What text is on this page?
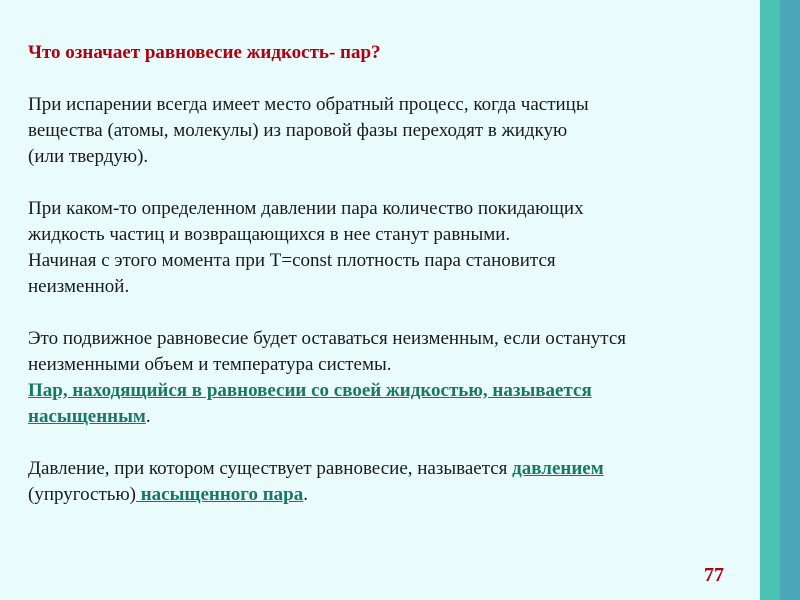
Что означает равновесие жидкость- пар?
При испарении всегда имеет место обратный процесс, когда частицы
вещества (атомы, молекулы) из паровой фазы переходят в жидкую
(или твердую).
При каком-то определенном давлении пара количество покидающих
жидкость частиц и возвращающихся в нее станут равными.
Начиная с этого момента при T=const плотность пара становится
неизменной.
Это подвижное равновесие будет оставаться неизменным, если останутся
неизменными объем и температура системы.
Пар, находящийся в равновесии со своей жидкостью, называется
насыщенным.
Давление, при котором существует равновесие, называется давлением
(упругостью) насыщенного пара.
77
